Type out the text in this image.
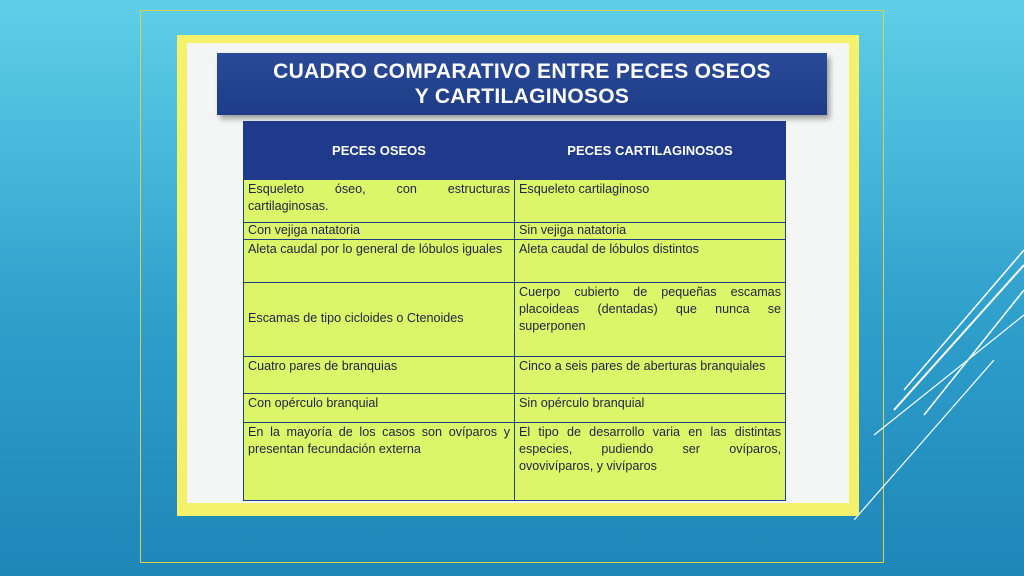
CUADRO COMPARATIVO ENTRE PECES OSEOS
Y CARTILAGINOSOS
PECES OSEOS	PECES CARTILAGINOSOS
Esqueleto óseo, con estructuras cartilaginosas.	Esqueleto cartilaginoso
Con vejiga natatoria	Sin vejiga natatoria
Aleta caudal por lo general de lóbulos iguales	Aleta caudal de lóbulos distintos
Escamas de tipo cicloides o Ctenoides	Cuerpo cubierto de pequeñas escamas placoideas (dentadas) que nunca se superponen
Cuatro pares de branquias	Cinco a seis pares de aberturas branquiales
Con opérculo branquial	Sin opérculo branquial
En la mayoría de los casos son ovíparos y presentan fecundación externa	El tipo de desarrollo varia en las distintas especies, pudiendo ser ovíparos, ovovivíparos, y vivíparos
